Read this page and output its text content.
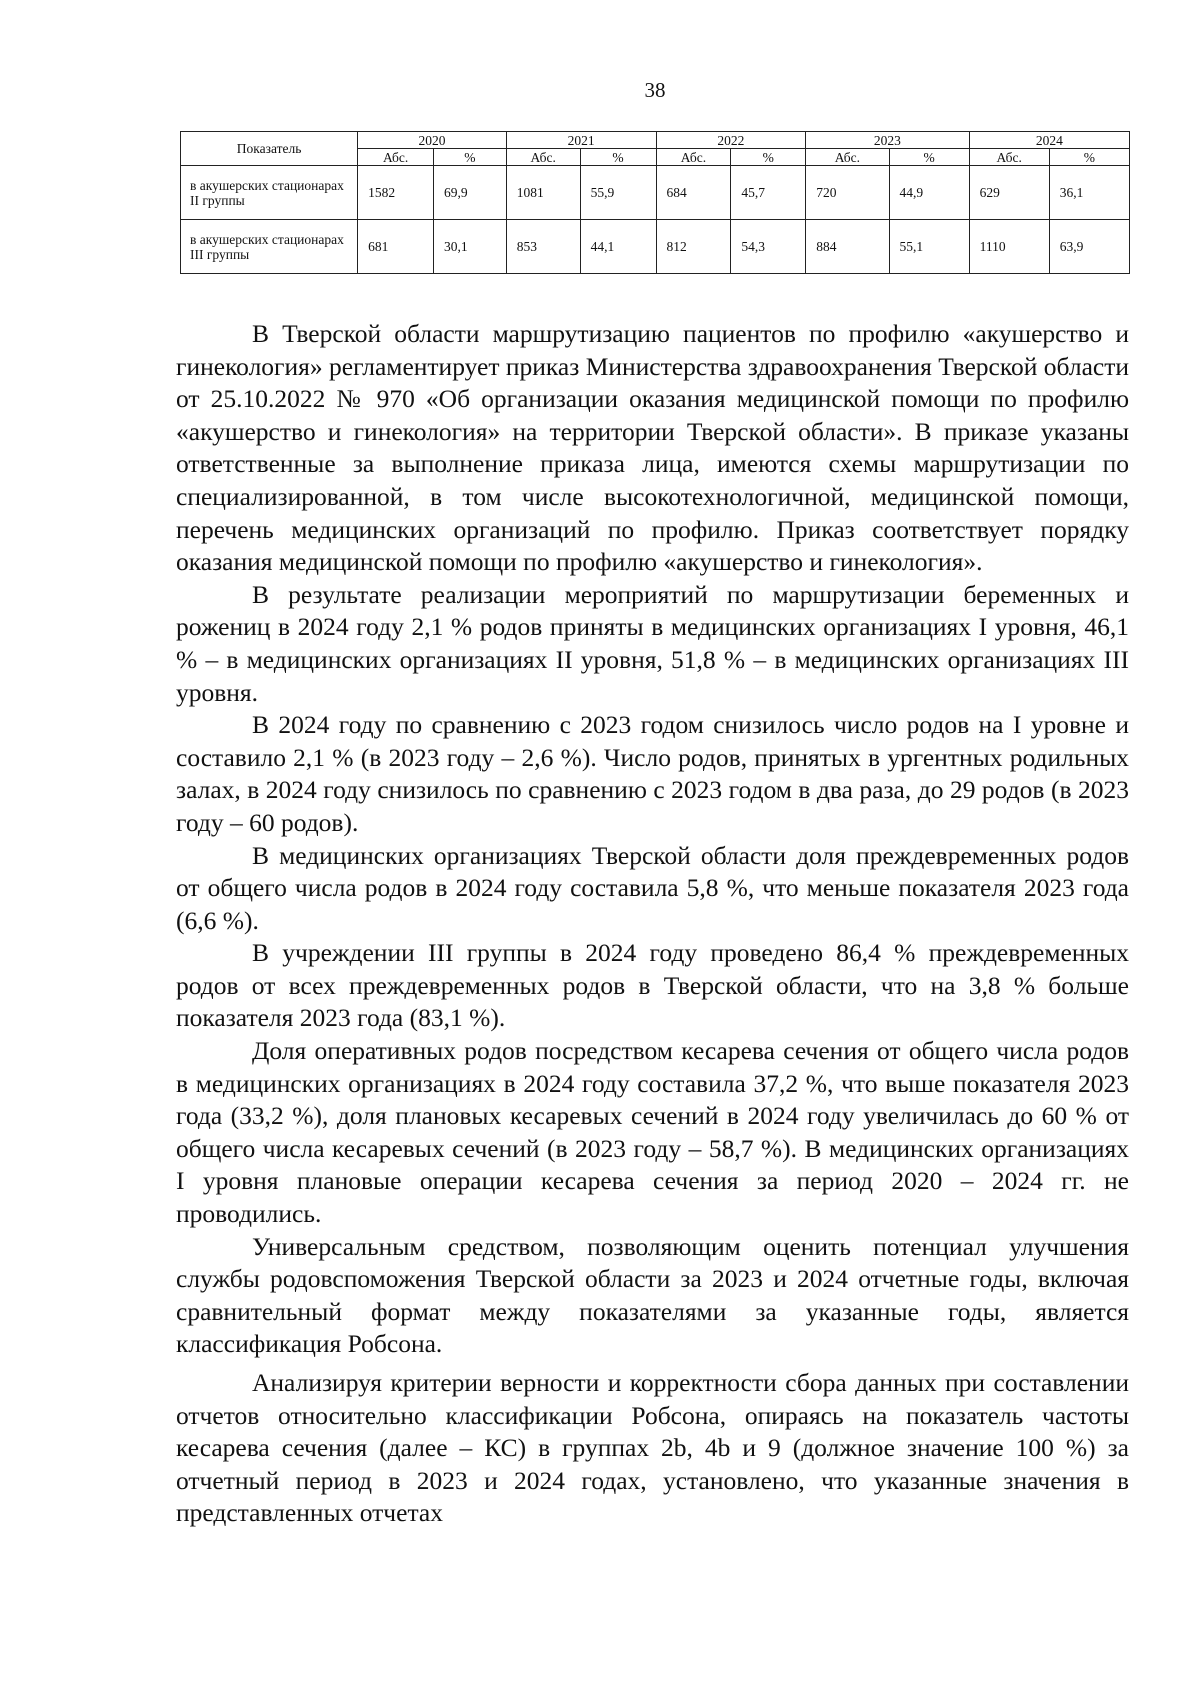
38
Показатель	2020		2021		2022		2023		2024	
	Абс.	%	Абс.	%	Абс.	%	Абс.	%	Абс.	%
в акушерских стационарах II группы	1582	69,9	1081	55,9	684	45,7	720	44,9	629	36,1
в акушерских стационарах III группы	681	30,1	853	44,1	812	54,3	884	55,1	1110	63,9

В Тверской области маршрутизацию пациентов по профилю «акушерство и гинекология» регламентирует приказ Министерства здравоохранения Тверской области от 25.10.2022 № 970 «Об организации оказания медицинской помощи по профилю «акушерство и гинекология» на территории Тверской области». В приказе указаны ответственные за выполнение приказа лица, имеются схемы маршрутизации по специализированной, в том числе высокотехнологичной, медицинской помощи, перечень медицинских организаций по профилю. Приказ соответствует порядку оказания медицинской помощи по профилю «акушерство и гинекология».

В результате реализации мероприятий по маршрутизации беременных и рожениц в 2024 году 2,1 % родов приняты в медицинских организациях I уровня, 46,1 % – в медицинских организациях II уровня, 51,8 % – в медицинских организациях III уровня.

В 2024 году по сравнению с 2023 годом снизилось число родов на I уровне и составило 2,1 % (в 2023 году – 2,6 %). Число родов, принятых в ургентных родильных залах, в 2024 году снизилось по сравнению с 2023 годом в два раза, до 29 родов (в 2023 году – 60 родов).

В медицинских организациях Тверской области доля преждевременных родов от общего числа родов в 2024 году составила 5,8 %, что меньше показателя 2023 года (6,6 %).

В учреждении III группы в 2024 году проведено 86,4 % преждевременных родов от всех преждевременных родов в Тверской области, что на 3,8 % больше показателя 2023 года (83,1 %).

Доля оперативных родов посредством кесарева сечения от общего числа родов в медицинских организациях в 2024 году составила 37,2 %, что выше показателя 2023 года (33,2 %), доля плановых кесаревых сечений в 2024 году увеличилась до 60 % от общего числа кесаревых сечений (в 2023 году – 58,7 %). В медицинских организациях I уровня плановые операции кесарева сечения за период 2020 – 2024 гг. не проводились.

Универсальным средством, позволяющим оценить потенциал улучшения службы родовспоможения Тверской области за 2023 и 2024 отчетные годы, включая сравнительный формат между показателями за указанные годы, является классификация Робсона.

Анализируя критерии верности и корректности сбора данных при составлении отчетов относительно классификации Робсона, опираясь на показатель частоты кесарева сечения (далее – КС) в группах 2b, 4b и 9 (должное значение 100 %) за отчетный период в 2023 и 2024 годах, установлено, что указанные значения в представленных отчетах
